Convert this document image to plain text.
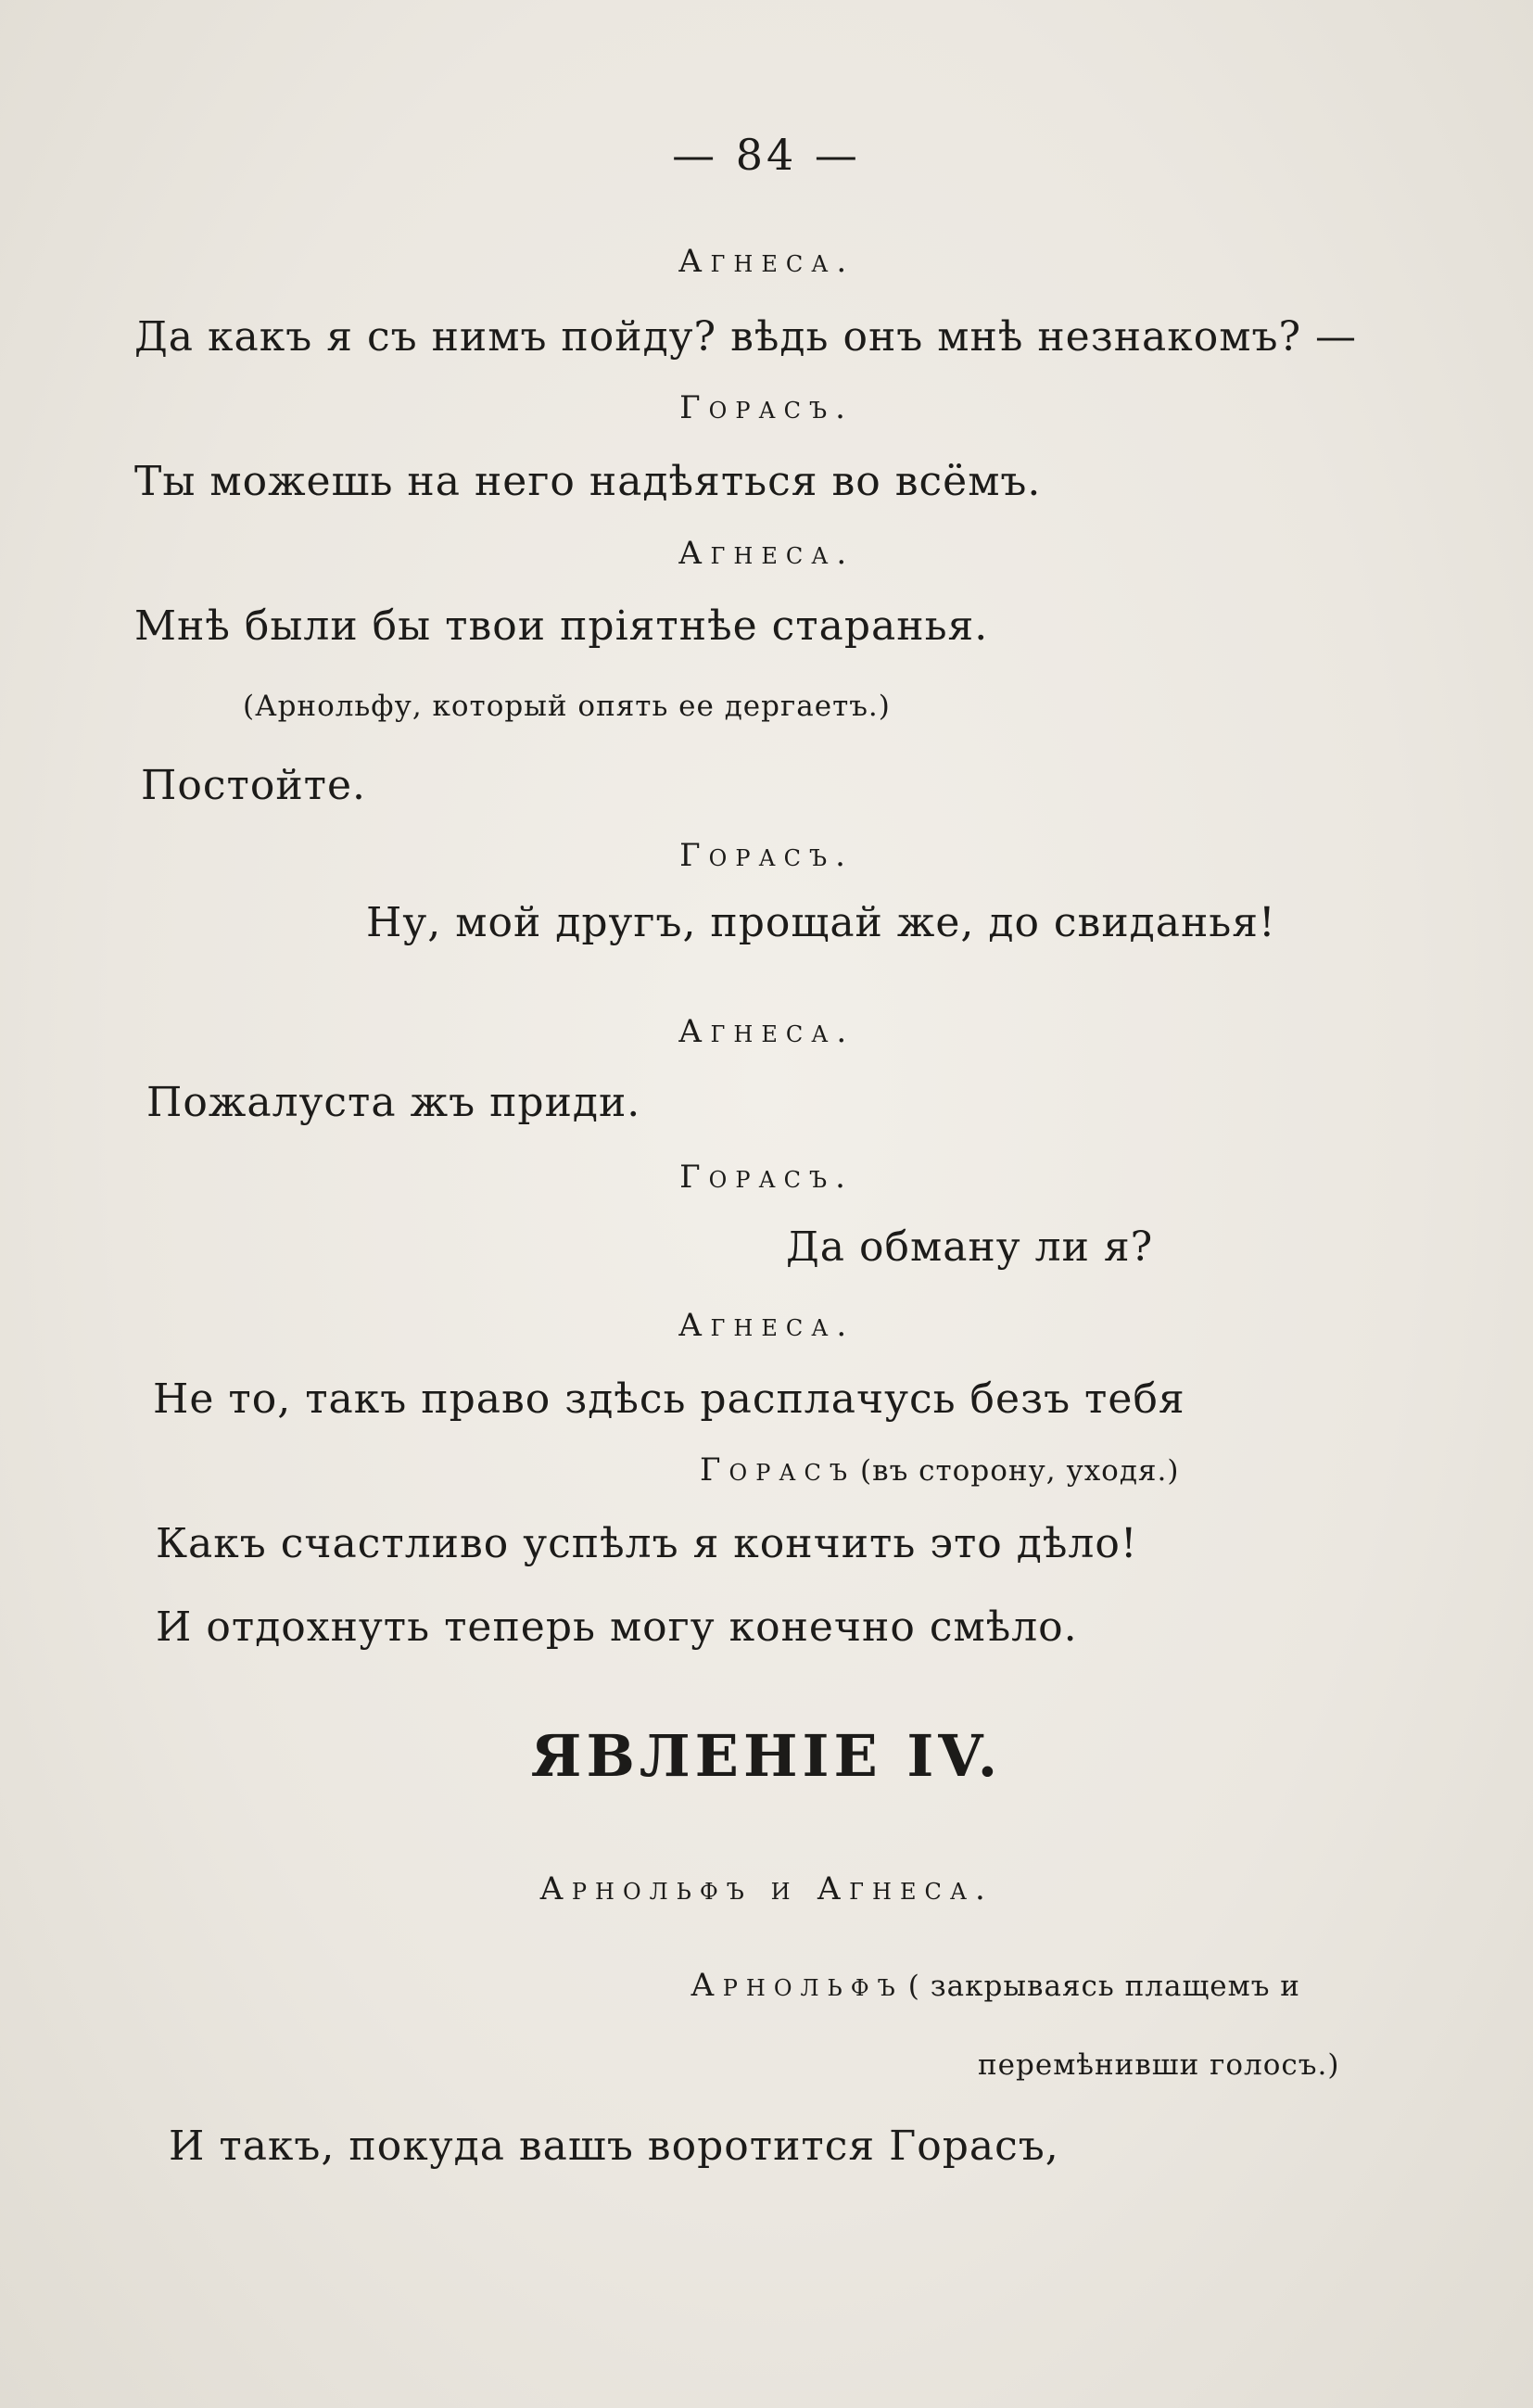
— 84 —
Агнеса.
Да какъ я съ нимъ пойду? вѣдь онъ мнѣ незнакомъ? —
Горасъ.
Ты можешь на него надѣяться во всёмъ.
Агнеса.
Мнѣ были бы твои пріятнѣе старанья.
(Арнольфу, который опять ее дергаетъ.)
Постойте.
Горасъ.
Ну, мой другъ, прощай же, до свиданья!
Агнеса.
Пожалуста жъ приди.
Горасъ.
Да обману ли я?
Агнеса.
Не то, такъ право здѣсь расплачусь безъ тебя
Горасъ (въ сторону, уходя.)
Какъ счастливо успѣлъ я кончить это дѣло!
И отдохнуть теперь могу конечно смѣло.
ЯВЛЕНІЕ IV.
Арнольфъ и Агнеса.
Арнольфъ ( закрываясь плащемъ и
перемѣнивши голосъ.)
И такъ, покуда вашъ воротится Горасъ,
